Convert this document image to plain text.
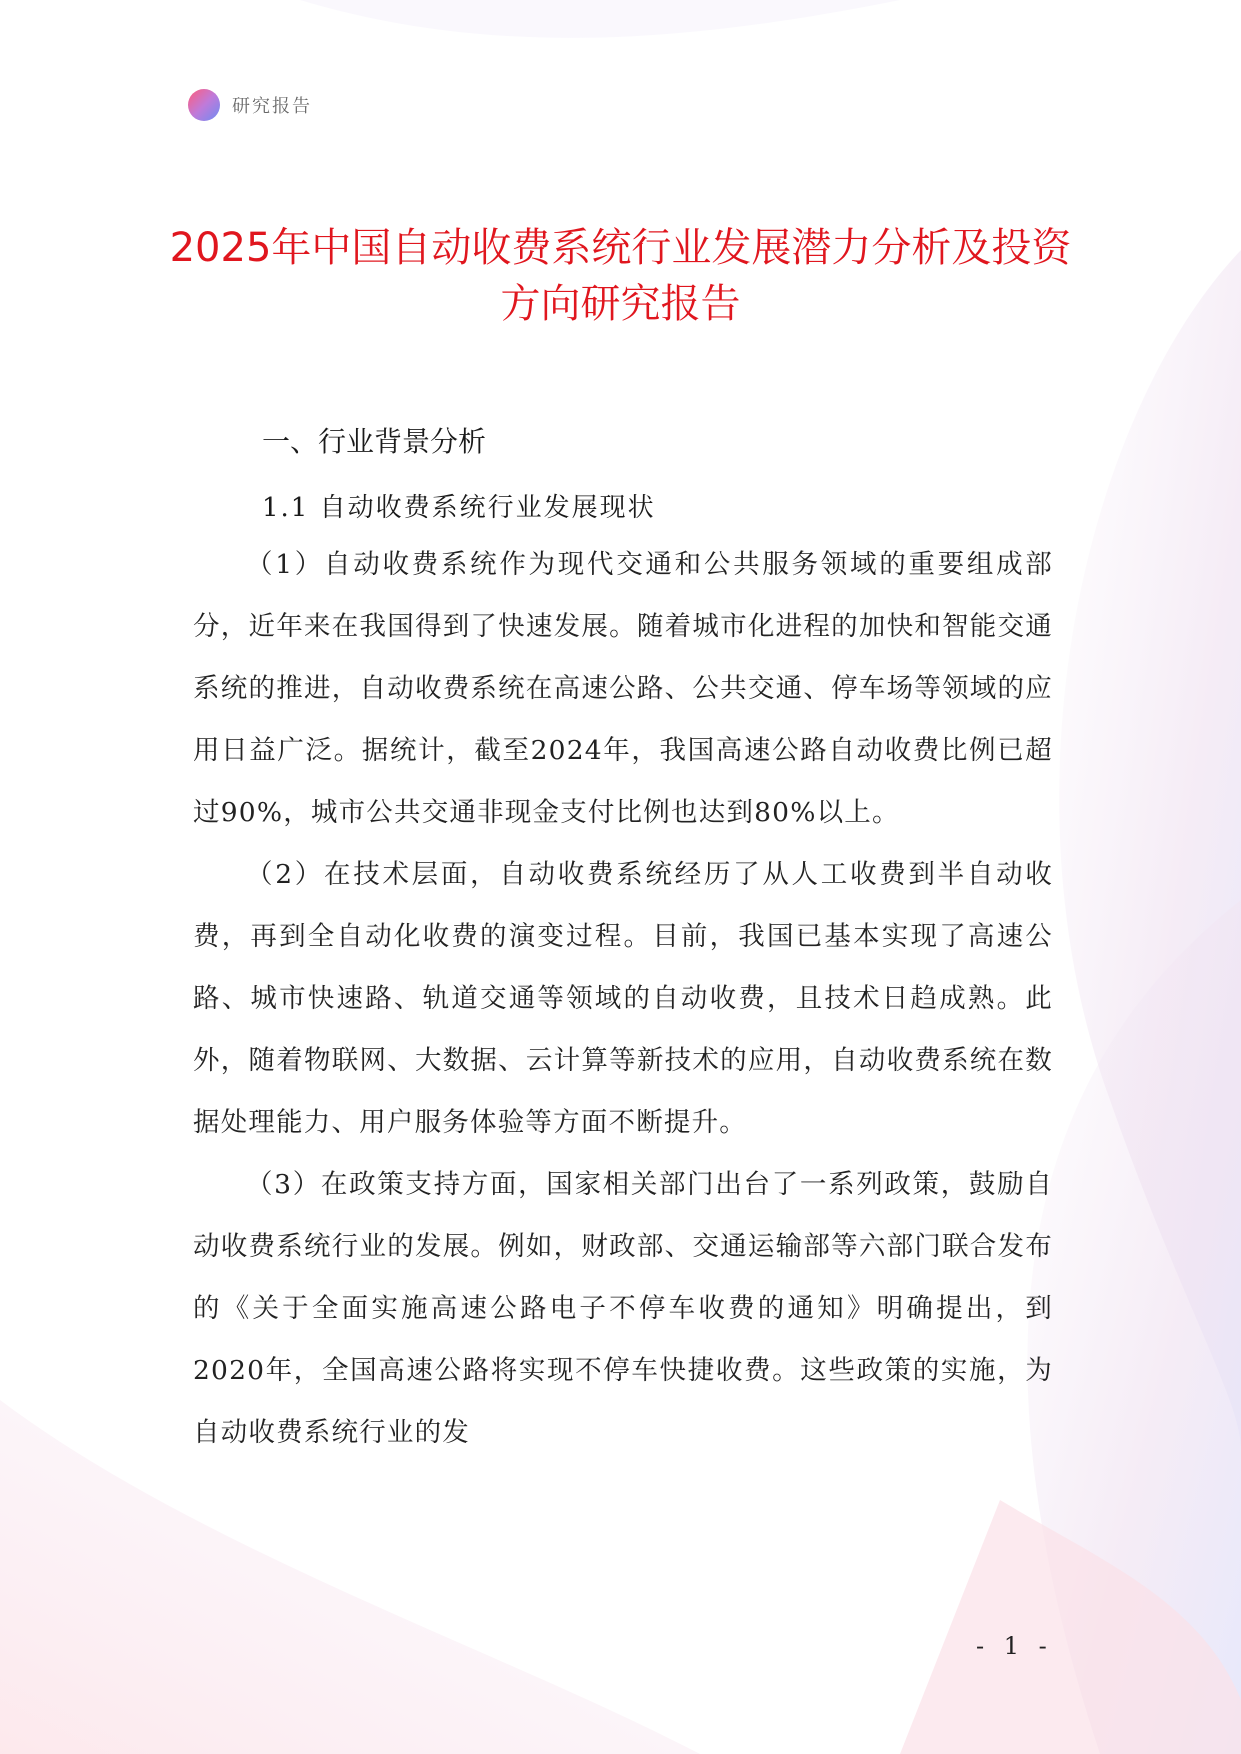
研究报告
2025年中国自动收费系统行业发展潜力分析及投资方向研究报告
一、行业背景分析
1.1 自动收费系统行业发展现状

（1）自动收费系统作为现代交通和公共服务领域的重要组成部分，近年来在我国得到了快速发展。随着城市化进程的加快和智能交通系统的推进，自动收费系统在高速公路、公共交通、停车场等领域的应用日益广泛。据统计，截至2024年，我国高速公路自动收费比例已超过90%，城市公共交通非现金支付比例也达到80%以上。

（2）在技术层面，自动收费系统经历了从人工收费到半自动收费，再到全自动化收费的演变过程。目前，我国已基本实现了高速公路、城市快速路、轨道交通等领域的自动收费，且技术日趋成熟。此外，随着物联网、大数据、云计算等新技术的应用，自动收费系统在数据处理能力、用户服务体验等方面不断提升。

（3）在政策支持方面，国家相关部门出台了一系列政策，鼓励自动收费系统行业的发展。例如，财政部、交通运输部等六部门联合发布的《关于全面实施高速公路电子不停车收费的通知》明确提出，到2020年，全国高速公路将实现不停车快捷收费。这些政策的实施，为自动收费系统行业的发

- 1 -
